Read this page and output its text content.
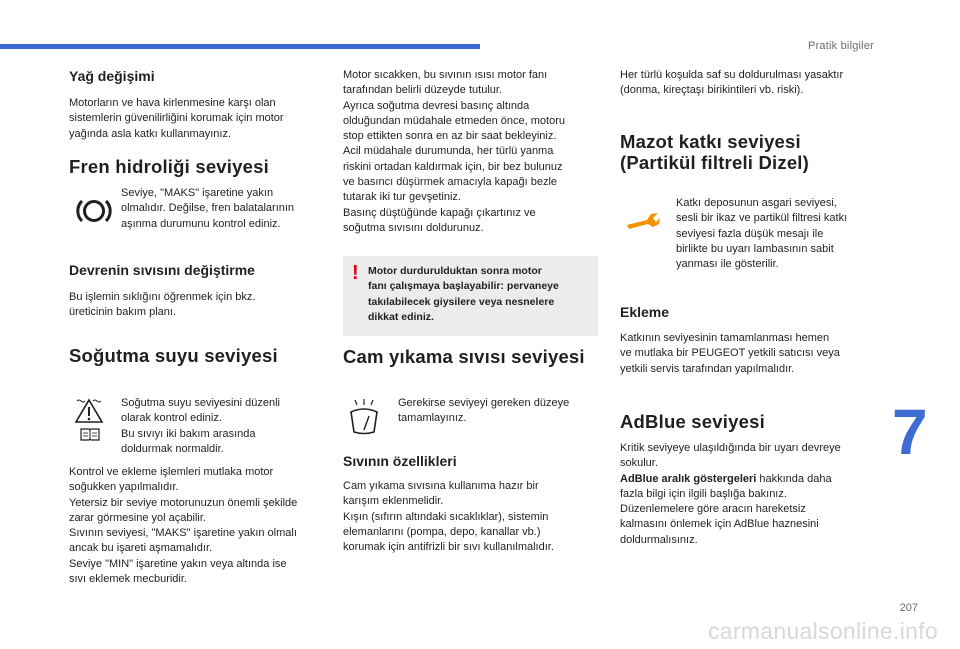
Pratik bilgiler
7
Yağ değişimi
Motorların ve hava kirlenmesine karşı olan
sistemlerin güvenilirliğini korumak için motor
yağında asla katkı kullanmayınız.
Fren hidroliği seviyesi
Seviye, "MAKS" işaretine yakın
olmalıdır. Değilse, fren balatalarının
aşınma durumunu kontrol ediniz.
Devrenin sıvısını değiştirme
Bu işlemin sıklığını öğrenmek için bkz.
üreticinin bakım planı.
Soğutma suyu seviyesi
Soğutma suyu seviyesini düzenli
olarak kontrol ediniz.
Bu sıvıyı iki bakım arasında
doldurmak normaldir.
Kontrol ve ekleme işlemleri mutlaka motor
soğukken yapılmalıdır.
Yetersiz bir seviye motorunuzun önemli şekilde
zarar görmesine yol açabilir.
Sıvının seviyesi, "MAKS" işaretine yakın olmalı
ancak bu işareti aşmamalıdır.
Seviye "MIN" işaretine yakın veya altında ise
sıvı eklemek mecburidir.
Motor sıcakken, bu sıvının ısısı motor fanı
tarafından belirli düzeyde tutulur.
Ayrıca soğutma devresi basınç altında
olduğundan müdahale etmeden önce, motoru
stop ettikten sonra en az bir saat bekleyiniz.
Acil müdahale durumunda, her türlü yanma
riskini ortadan kaldırmak için, bir bez bulunuz
ve basıncı düşürmek amacıyla kapağı bezle
tutarak iki tur gevşetiniz.
Basınç düştüğünde kapağı çıkartınız ve
soğutma sıvısını doldurunuz.
! Motor durdurulduktan sonra motor
fanı çalışmaya başlayabilir: pervaneye
takılabilecek giysilere veya nesnelere
dikkat ediniz.
Cam yıkama sıvısı seviyesi
Gerekirse seviyeyi gereken düzeye
tamamlayınız.
Sıvının özellikleri
Cam yıkama sıvısına kullanıma hazır bir
karışım eklenmelidir.
Kışın (sıfırın altındaki sıcaklıklar), sistemin
elemanlarını (pompa, depo, kanallar vb.)
korumak için antifrizli bir sıvı kullanılmalıdır.
Her türlü koşulda saf su doldurulması yasaktır
(donma, kireçtaşı birikintileri vb. riski).
Mazot katkı seviyesi
(Partikül filtreli Dizel)
Katkı deposunun asgari seviyesi,
sesli bir ikaz ve partikül filtresi katkı
seviyesi fazla düşük mesajı ile
birlikte bu uyarı lambasının sabit
yanması ile gösterilir.
Ekleme
Katkının seviyesinin tamamlanması hemen
ve mutlaka bir PEUGEOT yetkili satıcısı veya
yetkili servis tarafından yapılmalıdır.
AdBlue seviyesi
Kritik seviyeye ulaşıldığında bir uyarı devreye
sokulur.
AdBlue aralık göstergeleri hakkında daha
fazla bilgi için ilgili başlığa bakınız.
Düzenlemelere göre aracın hareketsiz
kalmasını önlemek için AdBlue haznesini
doldurmalısınız.
207
carmanualsonline.info
